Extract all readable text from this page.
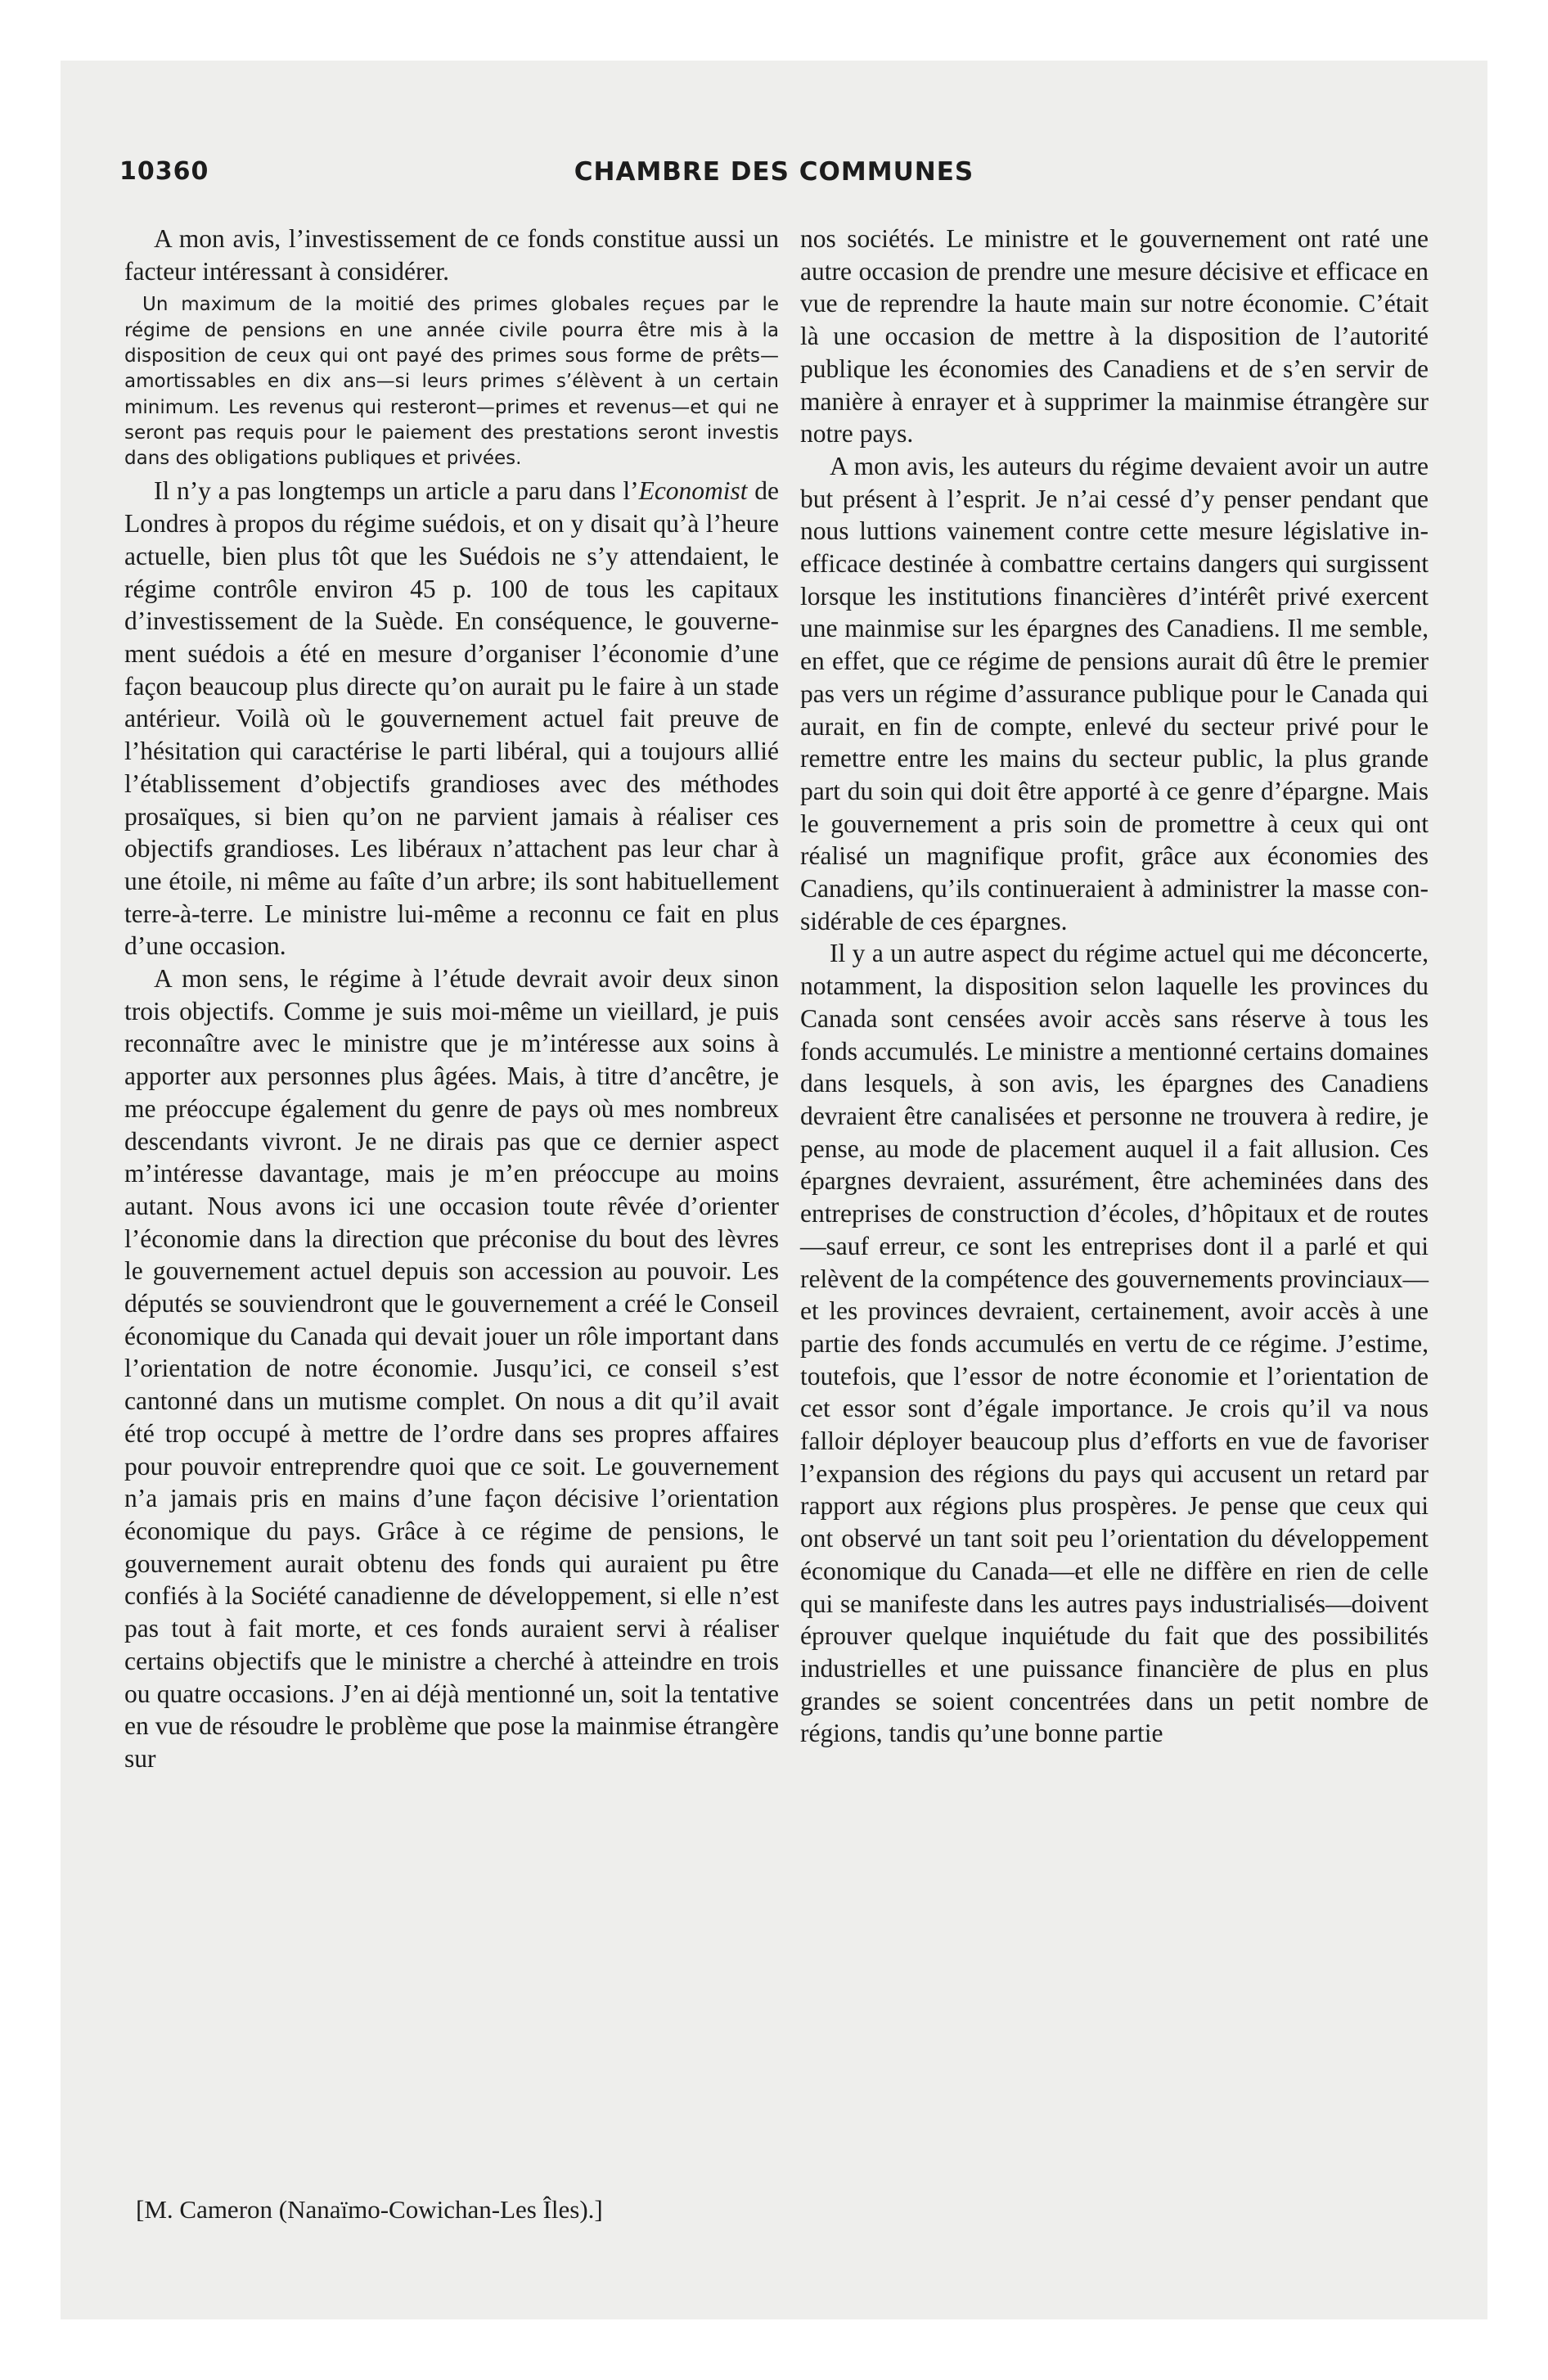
10360	CHAMBRE DES COMMUNES

A mon avis, l’investissement de ce fonds constitue aussi un facteur intéressant à considérer.

Un maximum de la moitié des primes globales reçues par le régime de pensions en une année civile pourra être mis à la disposition de ceux qui ont payé des primes sous forme de prêts—amortissables en dix ans—si leurs primes s’élèvent à un certain minimum. Les revenus qui resteront—primes et revenus—et qui ne seront pas requis pour le paiement des prestations seront investis dans des obligations publiques et privées.

Il n’y a pas longtemps un article a paru dans l’Economist de Londres à propos du régime suédois, et on y disait qu’à l’heure actuelle, bien plus tôt que les Suédois ne s’y attendaient, le régime contrôle environ 45 p. 100 de tous les capitaux d’investissement de la Suède. En conséquence, le gouvernement suédois a été en mesure d’organiser l’économie d’une façon beaucoup plus directe qu’on aurait pu le faire à un stade antérieur. Voilà où le gouvernement actuel fait preuve de l’hésitation qui caractérise le parti libéral, qui a toujours allié l’établissement d’objectifs grandioses avec des méthodes prosaïques, si bien qu’on ne parvient jamais à réaliser ces objectifs grandioses. Les libéraux n’attachent pas leur char à une étoile, ni même au faîte d’un arbre; ils sont habituellement terre-à-terre. Le ministre lui-même a reconnu ce fait en plus d’une occasion.

A mon sens, le régime à l’étude devrait avoir deux sinon trois objectifs. Comme je suis moi-même un vieillard, je puis reconnaître avec le ministre que je m’intéresse aux soins à apporter aux personnes plus âgées. Mais, à titre d’ancêtre, je me préoccupe également du genre de pays où mes nombreux descendants vivront. Je ne dirais pas que ce dernier aspect m’intéresse davantage, mais je m’en préoccupe au moins autant. Nous avons ici une occasion toute rêvée d’orienter l’économie dans la direction que préconise du bout des lèvres le gouvernement actuel depuis son accession au pouvoir. Les députés se souviendront que le gouvernement a créé le Conseil économique du Canada qui devait jouer un rôle important dans l’orientation de notre économie. Jusqu’ici, ce conseil s’est cantonné dans un mutisme complet. On nous a dit qu’il avait été trop occupé à mettre de l’ordre dans ses propres affaires pour pouvoir entreprendre quoi que ce soit. Le gouvernement n’a jamais pris en mains d’une façon décisive l’orientation économique du pays. Grâce à ce régime de pensions, le gouvernement aurait obtenu des fonds qui auraient pu être confiés à la Société canadienne de développement, si elle n’est pas tout à fait morte, et ces fonds auraient servi à réaliser certains objectifs que le ministre a cherché à atteindre en trois ou quatre occasions. J’en ai déjà mentionné un, soit la tentative en vue de résoudre le problème que pose la mainmise étrangère sur

nos sociétés. Le ministre et le gouvernement ont raté une autre occasion de prendre une mesure décisive et efficace en vue de reprendre la haute main sur notre économie. C’était là une occasion de mettre à la disposition de l’autorité publique les économies des Canadiens et de s’en servir de manière à enrayer et à supprimer la mainmise étrangère sur notre pays.

A mon avis, les auteurs du régime devaient avoir un autre but présent à l’esprit. Je n’ai cessé d’y penser pendant que nous luttions vainement contre cette mesure législative inefficace destinée à combattre certains dangers qui surgissent lorsque les institutions financières d’intérêt privé exercent une mainmise sur les épargnes des Canadiens. Il me semble, en effet, que ce régime de pensions aurait dû être le premier pas vers un régime d’assurance publique pour le Canada qui aurait, en fin de compte, enlevé du secteur privé pour le remettre entre les mains du secteur public, la plus grande part du soin qui doit être apporté à ce genre d’épargne. Mais le gouvernement a pris soin de promettre à ceux qui ont réalisé un magnifique profit, grâce aux économies des Canadiens, qu’ils continueraient à administrer la masse considérable de ces épargnes.

Il y a un autre aspect du régime actuel qui me déconcerte, notamment, la disposition selon laquelle les provinces du Canada sont censées avoir accès sans réserve à tous les fonds accumulés. Le ministre a mentionné certains domaines dans lesquels, à son avis, les épargnes des Canadiens devraient être canalisées et personne ne trouvera à redire, je pense, au mode de placement auquel il a fait allusion. Ces épargnes devraient, assurément, être acheminées dans des entreprises de construction d’écoles, d’hôpitaux et de routes—sauf erreur, ce sont les entreprises dont il a parlé et qui relèvent de la compétence des gouvernements provinciaux—et les provinces devraient, certainement, avoir accès à une partie des fonds accumulés en vertu de ce régime. J’estime, toutefois, que l’essor de notre économie et l’orientation de cet essor sont d’égale importance. Je crois qu’il va nous falloir déployer beaucoup plus d’efforts en vue de favoriser l’expansion des régions du pays qui accusent un retard par rapport aux régions plus prospères. Je pense que ceux qui ont observé un tant soit peu l’orientation du développement économique du Canada—et elle ne diffère en rien de celle qui se manifeste dans les autres pays industrialisés—doivent éprouver quelque inquiétude du fait que des possibilités industrielles et une puissance financière de plus en plus grandes se soient concentrées dans un petit nombre de régions, tandis qu’une bonne partie

[M. Cameron (Nanaïmo-Cowichan-Les Îles).]
